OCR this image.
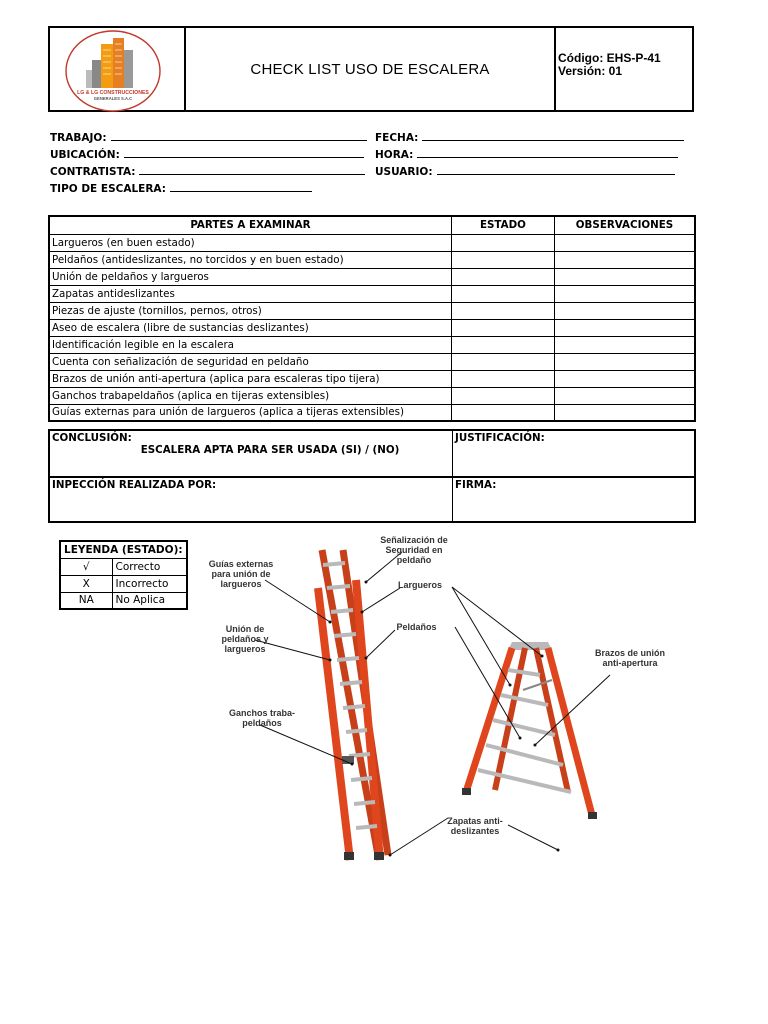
LG & LG CONSTRUCCIONES
GENERALES S.A.C
CHECK LIST USO DE ESCALERA
Código: EHS-P-41
Versión: 01
TRABAJO:	FECHA:
UBICACIÓN:	HORA:
CONTRATISTA:	USUARIO:
TIPO DE ESCALERA:
PARTES A EXAMINAR	ESTADO	OBSERVACIONES
Largueros (en buen estado)		
Peldaños (antideslizantes, no torcidos y en buen estado)		
Unión de peldaños y largueros		
Zapatas antideslizantes		
Piezas de ajuste (tornillos, pernos, otros)		
Aseo de escalera (libre de sustancias deslizantes)		
Identificación legible en la escalera		
Cuenta con señalización de seguridad en peldaño		
Brazos de unión anti-apertura (aplica para escaleras tipo tijera)		
Ganchos trabapeldaños (aplica en tijeras extensibles)		
Guías externas para unión de largueros (aplica a tijeras extensibles)		
CONCLUSIÓN:
ESCALERA APTA PARA SER USADA (SI) / (NO)
JUSTIFICACIÓN:
INPECCIÓN REALIZADA POR:	FIRMA:
LEYENDA (ESTADO):	
√	Correcto
X	Incorrecto
NA	No Aplica
Guías externas para unión de largueros
Señalización de Seguridad en peldaño
Largueros
Unión de peldaños y largueros
Peldaños
Brazos de unión anti-apertura
Ganchos traba-peldaños
Zapatas anti-deslizantes
